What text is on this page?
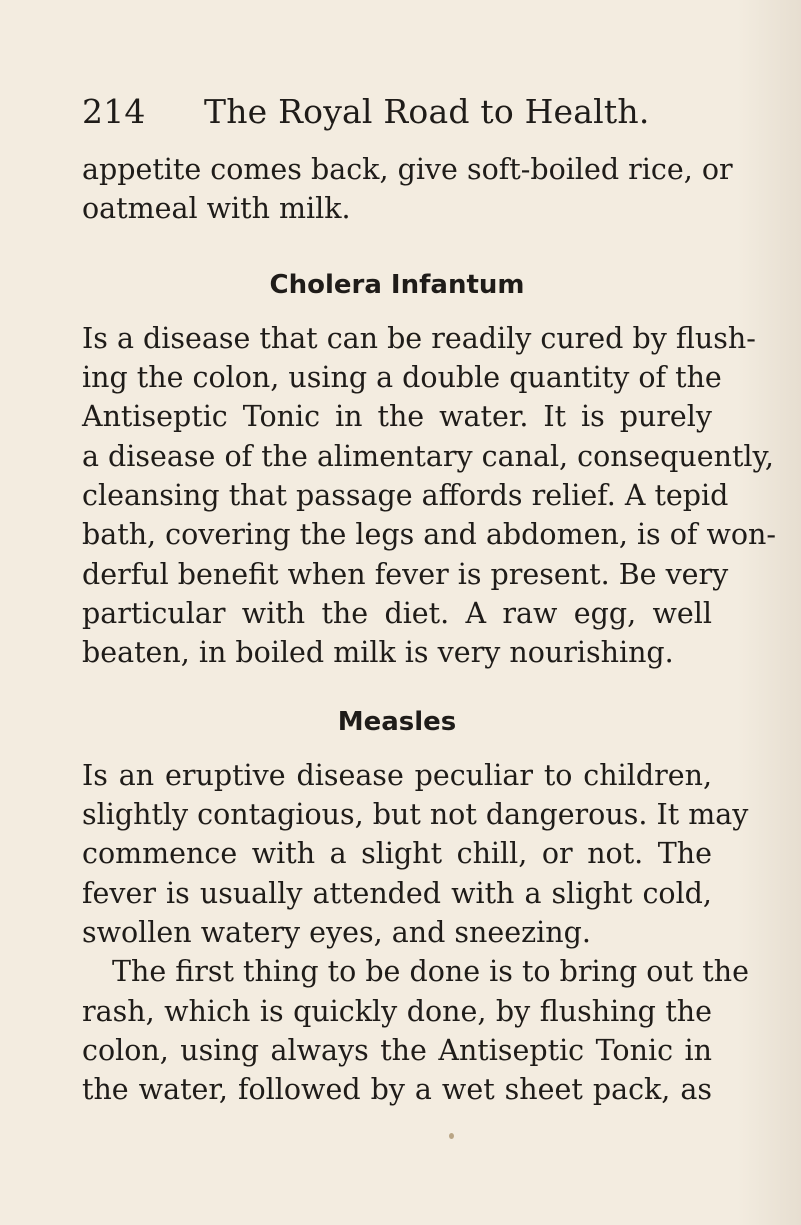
214 The Royal Road to Health.
appetite comes back, give soft-boiled rice, or
oatmeal with milk.
Cholera Infantum
Is a disease that can be readily cured by flush-
ing the colon, using a double quantity of the
Antiseptic Tonic in the water. It is purely
a disease of the alimentary canal, consequently,
cleansing that passage affords relief. A tepid
bath, covering the legs and abdomen, is of won-
derful benefit when fever is present. Be very
particular with the diet. A raw egg, well
beaten, in boiled milk is very nourishing.
Measles
Is an eruptive disease peculiar to children,
slightly contagious, but not dangerous. It may
commence with a slight chill, or not. The
fever is usually attended with a slight cold,
swollen watery eyes, and sneezing.
The first thing to be done is to bring out the
rash, which is quickly done, by flushing the
colon, using always the Antiseptic Tonic in
the water, followed by a wet sheet pack, as
